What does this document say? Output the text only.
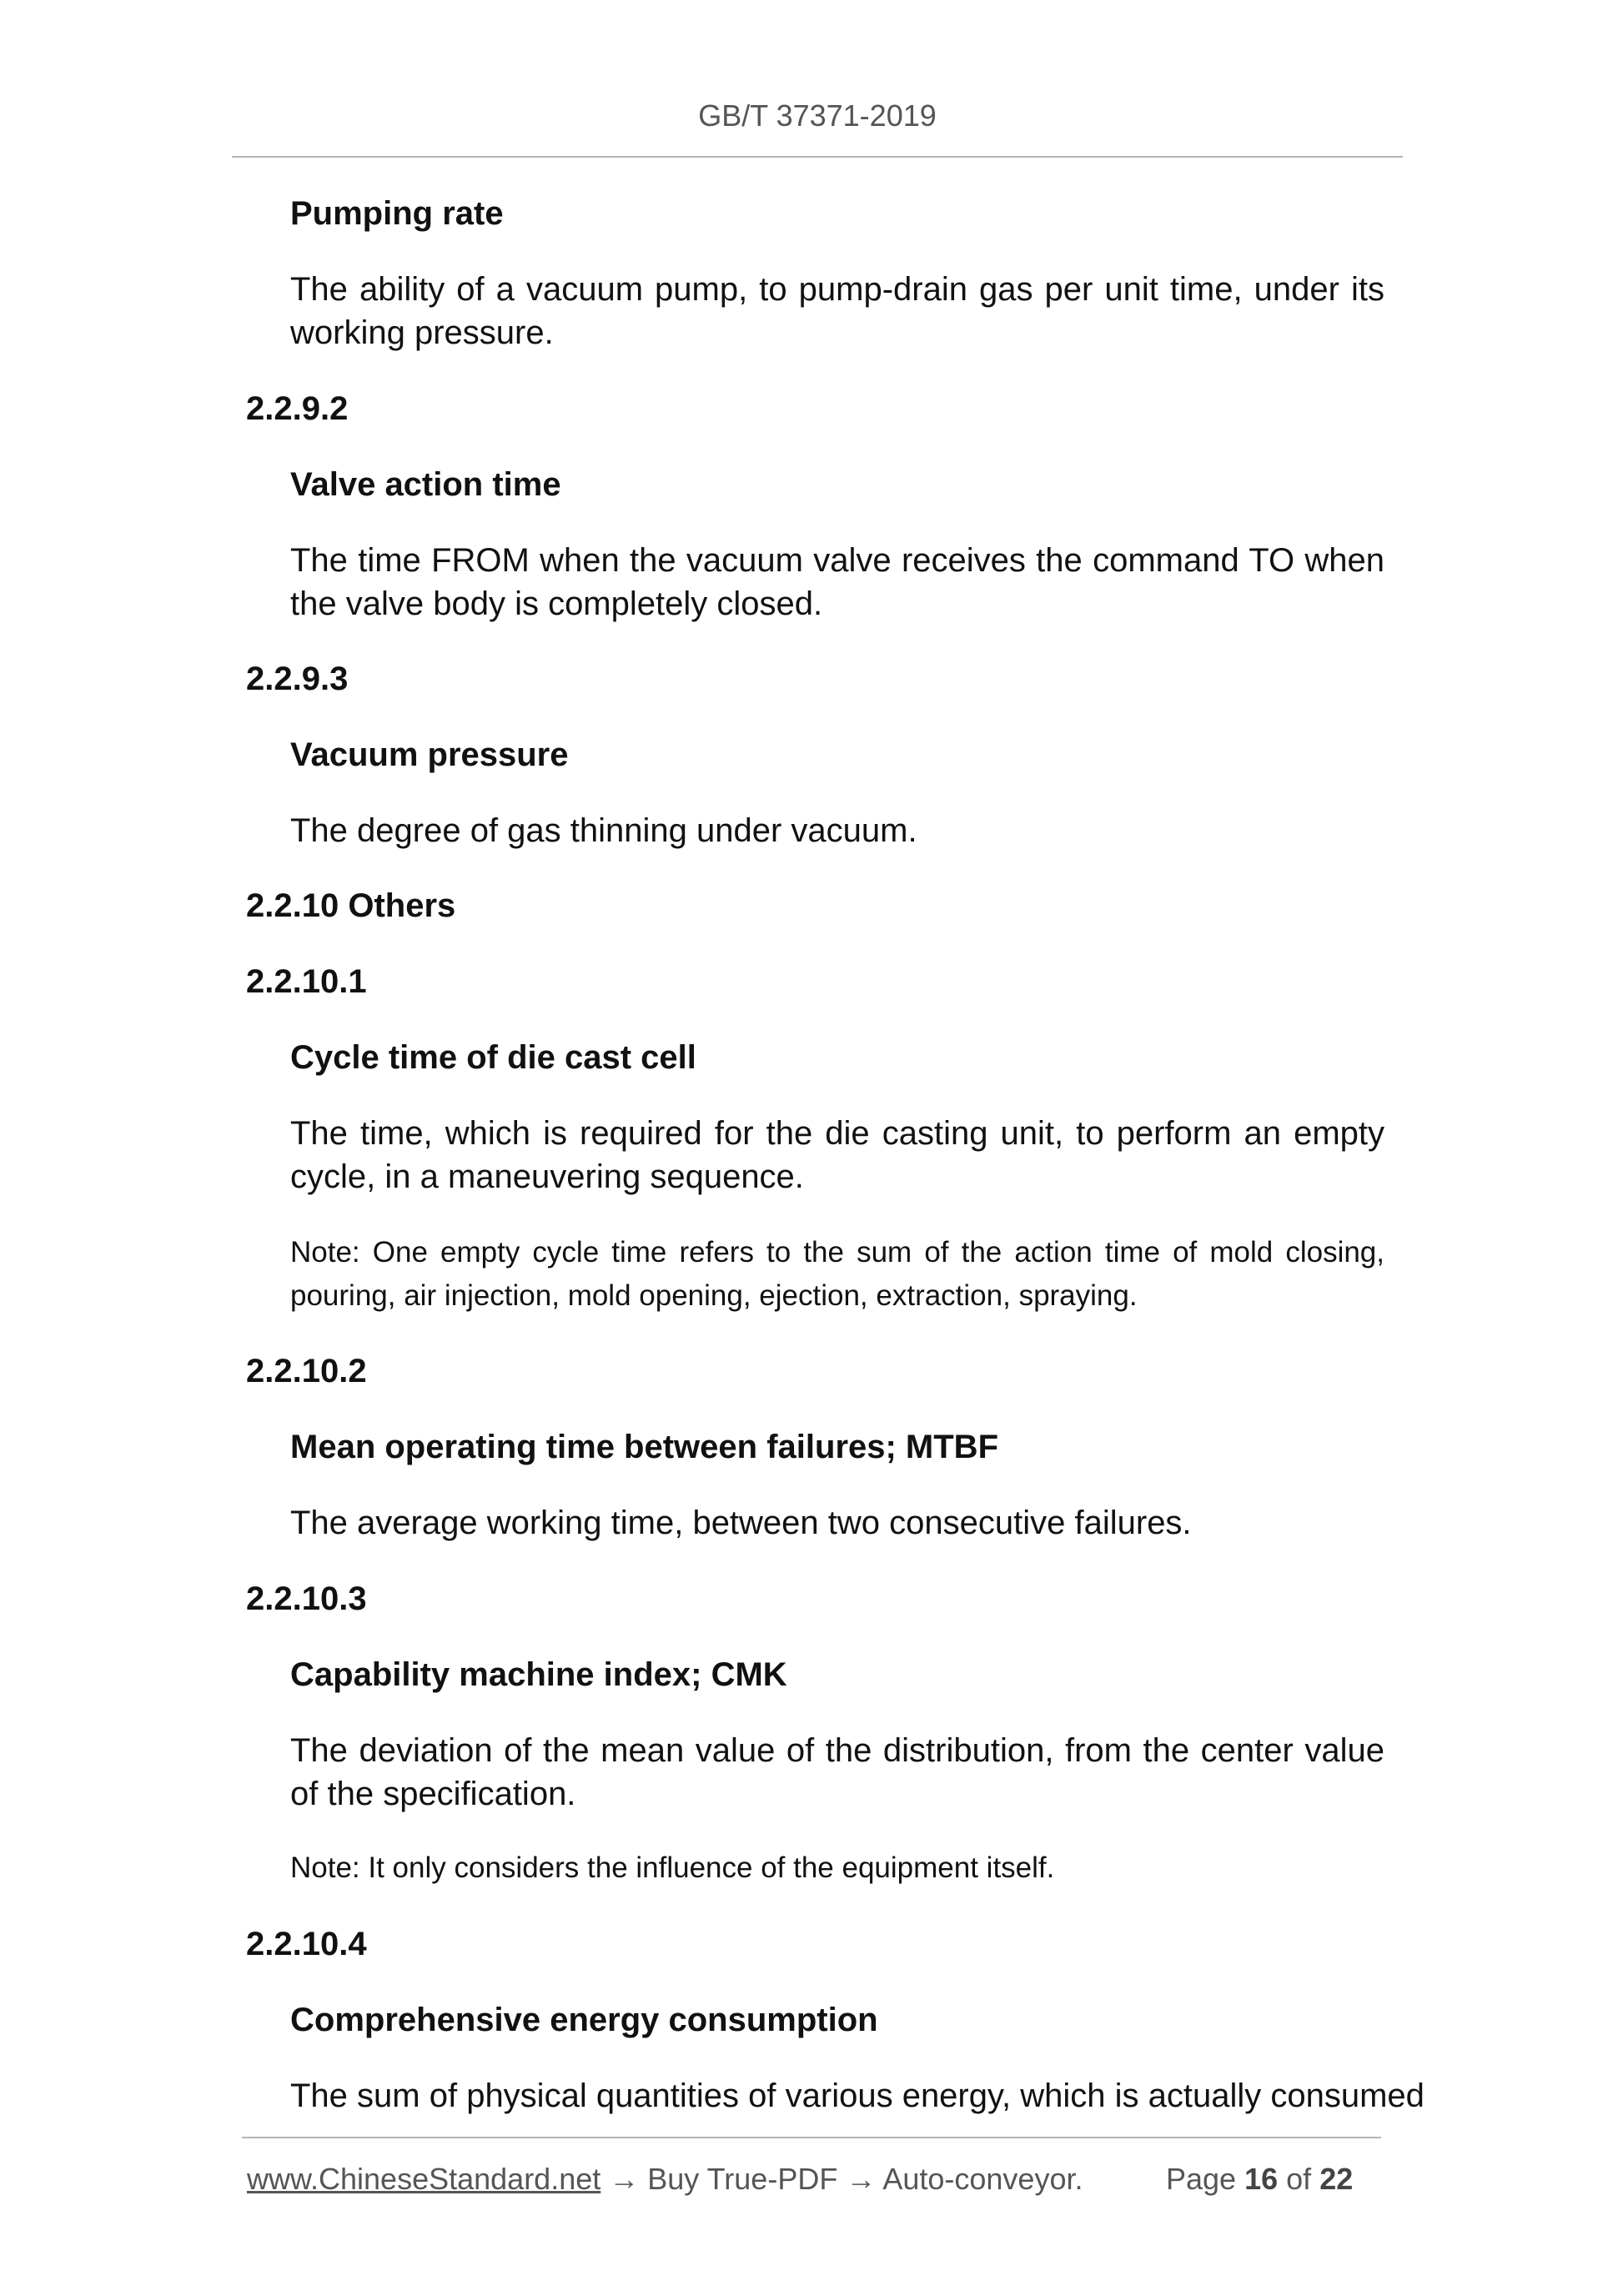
GB/T 37371-2019
Pumping rate
The ability of a vacuum pump, to pump-drain gas per unit time, under its working pressure.
2.2.9.2
Valve action time
The time FROM when the vacuum valve receives the command TO when the valve body is completely closed.
2.2.9.3
Vacuum pressure
The degree of gas thinning under vacuum.
2.2.10 Others
2.2.10.1
Cycle time of die cast cell
The time, which is required for the die casting unit, to perform an empty cycle, in a maneuvering sequence.
Note: One empty cycle time refers to the sum of the action time of mold closing, pouring, air injection, mold opening, ejection, extraction, spraying.
2.2.10.2
Mean operating time between failures; MTBF
The average working time, between two consecutive failures.
2.2.10.3
Capability machine index; CMK
The deviation of the mean value of the distribution, from the center value of the specification.
Note: It only considers the influence of the equipment itself.
2.2.10.4
Comprehensive energy consumption
The sum of physical quantities of various energy, which is actually consumed
www.ChineseStandard.net → Buy True-PDF → Auto-conveyor.	Page 16 of 22
